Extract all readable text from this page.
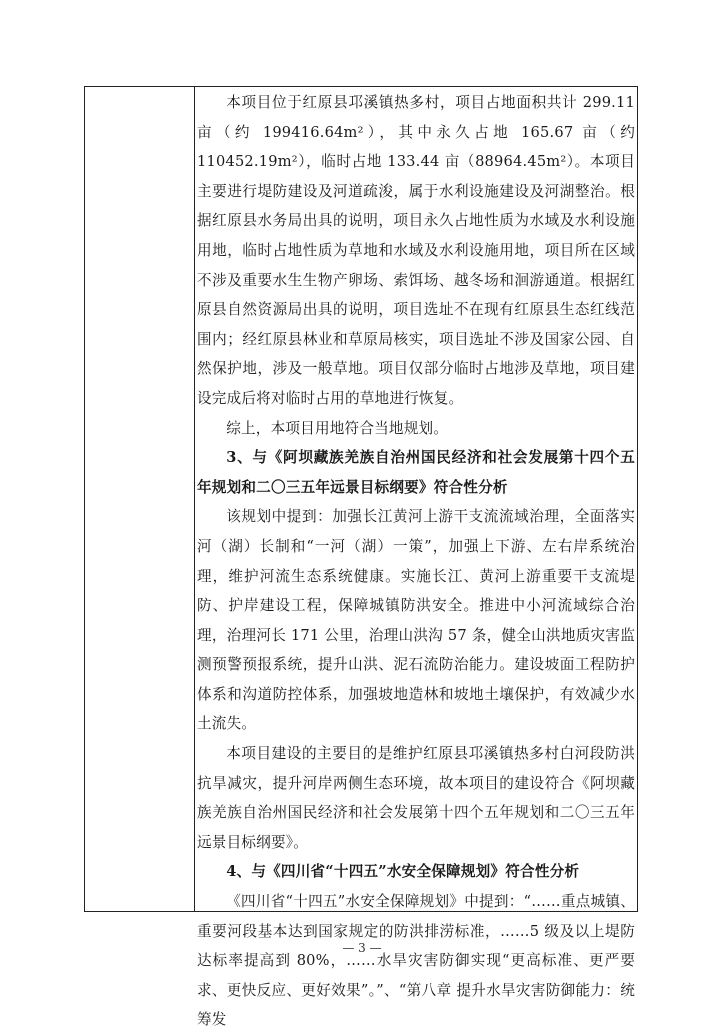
本项目位于红原县邛溪镇热多村，项目占地面积共计 299.11 亩（约 199416.64m²），其中永久占地 165.67 亩（约 110452.19m²），临时占地 133.44 亩（88964.45m²）。本项目主要进行堤防建设及河道疏浚，属于水利设施建设及河湖整治。根据红原县水务局出具的说明，项目永久占地性质为水域及水利设施用地，临时占地性质为草地和水域及水利设施用地，项目所在区域不涉及重要水生生物产卵场、索饵场、越冬场和洄游通道。根据红原县自然资源局出具的说明，项目选址不在现有红原县生态红线范围内；经红原县林业和草原局核实，项目选址不涉及国家公园、自然保护地，涉及一般草地。项目仅部分临时占地涉及草地，项目建设完成后将对临时占用的草地进行恢复。

综上，本项目用地符合当地规划。

3、与《阿坝藏族羌族自治州国民经济和社会发展第十四个五年规划和二〇三五年远景目标纲要》符合性分析

该规划中提到：加强长江黄河上游干支流流域治理，全面落实河（湖）长制和“一河（湖）一策”，加强上下游、左右岸系统治理，维护河流生态系统健康。实施长江、黄河上游重要干支流堤防、护岸建设工程，保障城镇防洪安全。推进中小河流域综合治理，治理河长 171 公里，治理山洪沟 57 条，健全山洪地质灾害监测预警预报系统，提升山洪、泥石流防治能力。建设坡面工程防护体系和沟道防控体系，加强坡地造林和坡地土壤保护，有效减少水土流失。

本项目建设的主要目的是维护红原县邛溪镇热多村白河段防洪抗旱减灾，提升河岸两侧生态环境，故本项目的建设符合《阿坝藏族羌族自治州国民经济和社会发展第十四个五年规划和二〇三五年远景目标纲要》。

4、与《四川省“十四五”水安全保障规划》符合性分析

《四川省“十四五”水安全保障规划》中提到：“……重点城镇、重要河段基本达到国家规定的防洪排涝标准，……5 级及以上堤防达标率提高到 80%，……水旱灾害防御实现“更高标准、更严要求、更快反应、更好效果”。”、“第八章 提升水旱灾害防御能力：统筹发

— 3 —
